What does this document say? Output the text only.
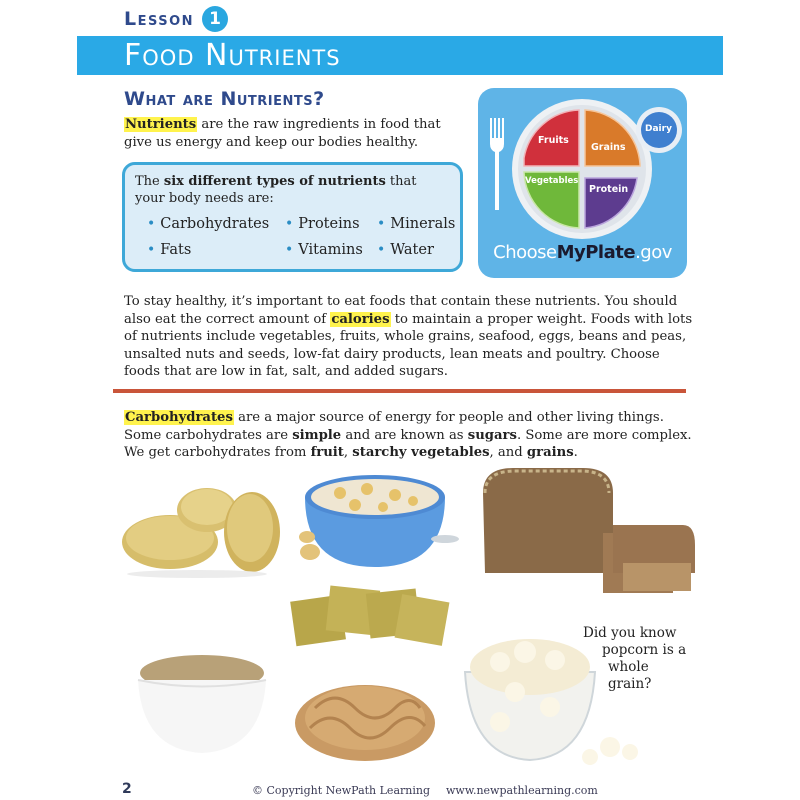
Lesson 1
Food Nutrients
What are Nutrients?
Nutrients are the raw ingredients in food that give us energy and keep our bodies healthy.
The six different types of nutrients that your body needs are:
• Carbohydrates	• Proteins	• Minerals
• Fats	• Vitamins	• Water
Fruits
Grains
Vegetables
Protein
Dairy
ChooseMyPlate.gov
To stay healthy, it’s important to eat foods that contain these nutrients. You should also eat the correct amount of calories to maintain a proper weight. Foods with lots of nutrients include vegetables, fruits, whole grains, seafood, eggs, beans and peas, unsalted nuts and seeds, low-fat dairy products, lean meats and poultry. Choose foods that are low in fat, salt, and added sugars.
Carbohydrates are a major source of energy for people and other living things. Some carbohydrates are simple and are known as sugars. Some are more complex. We get carbohydrates from fruit, starchy vegetables, and grains.
Did you know
popcorn is a
whole grain?
2	© Copyright NewPath Learning www.newpathlearning.com
